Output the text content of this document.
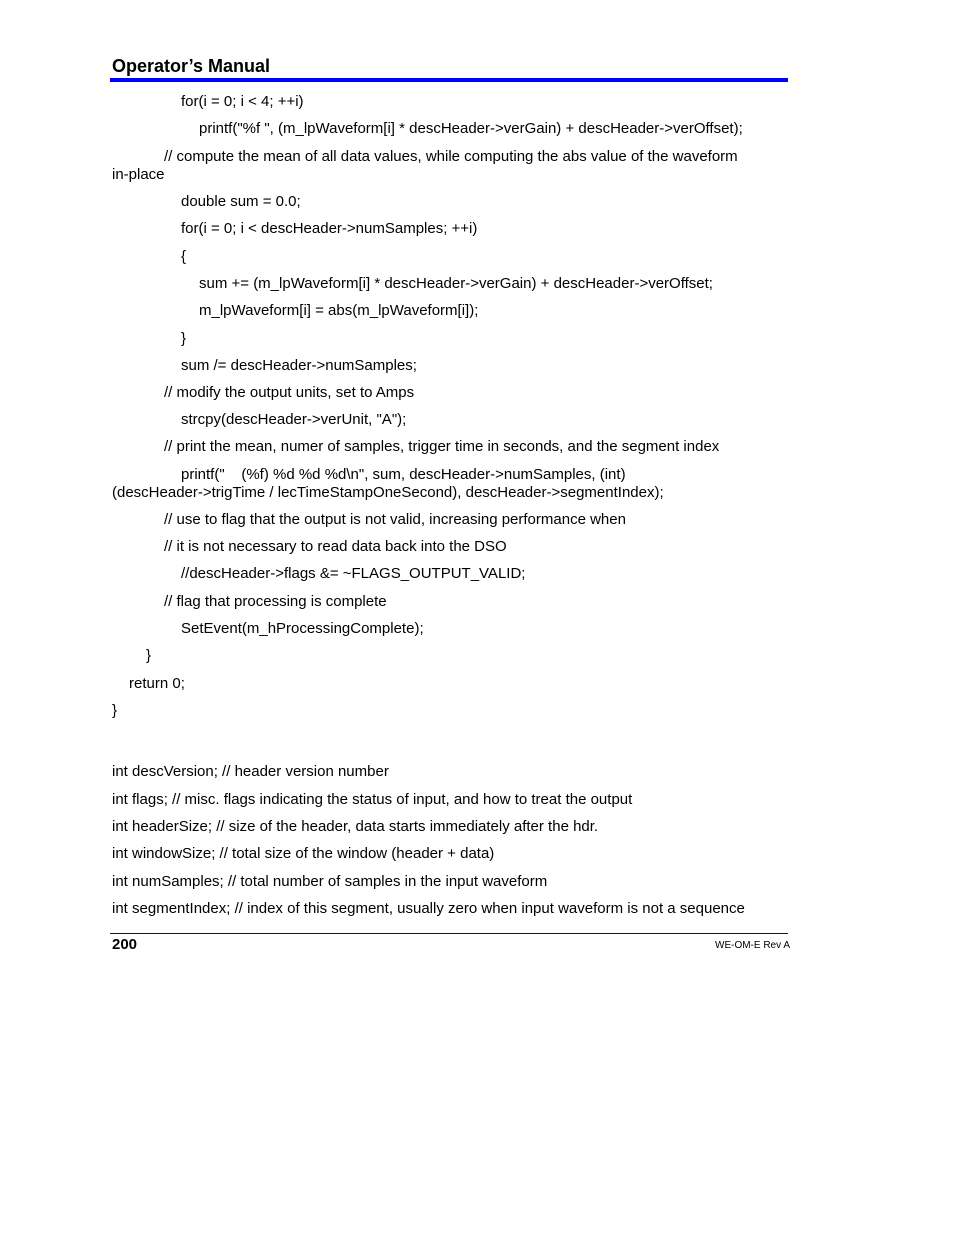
Operator’s Manual
for(i = 0; i < 4; ++i)
printf("%f ", (m_lpWaveform[i] * descHeader->verGain) + descHeader->verOffset);
// compute the mean of all data values, while computing the abs value of the waveform
in-place
double sum = 0.0;
for(i = 0; i < descHeader->numSamples; ++i)
{
sum += (m_lpWaveform[i] * descHeader->verGain) + descHeader->verOffset;
m_lpWaveform[i] = abs(m_lpWaveform[i]);
}
sum /= descHeader->numSamples;
// modify the output units, set to Amps
strcpy(descHeader->verUnit, "A");
// print the mean, numer of samples, trigger time in seconds, and the segment index
printf("    (%f) %d %d %d\n", sum, descHeader->numSamples, (int)
(descHeader->trigTime / lecTimeStampOneSecond), descHeader->segmentIndex);
// use to flag that the output is not valid, increasing performance when
// it is not necessary to read data back into the DSO
//descHeader->flags &= ~FLAGS_OUTPUT_VALID;
// flag that processing is complete
SetEvent(m_hProcessingComplete);
}
return 0;
}
int descVersion; // header version number
int flags; // misc. flags indicating the status of input, and how to treat the output
int headerSize; // size of the header, data starts immediately after the hdr.
int windowSize; // total size of the window (header + data)
int numSamples; // total number of samples in the input waveform
int segmentIndex; // index of this segment, usually zero when input waveform is not a sequence
200	WE-OM-E Rev A
